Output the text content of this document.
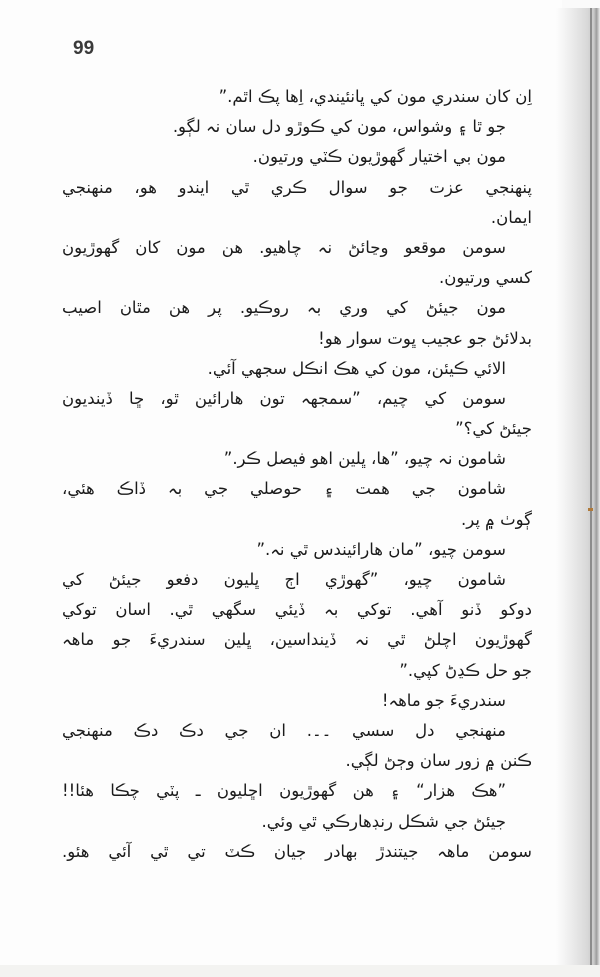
99
اِن کان سندري مون کي ڀانئيندي، اِها پڪ اٿم.”
جو ٿا ۽ وشواس، مون کي ڪوڙو دل سان نہ لڳو.
مون بي اختيار گهوڙيون ڪٽي ورتيون.
پنهنجي عزت جو سوال ڪري ٿي ايندو هو، منهنجي
ايمان.
سومن موقعو وڃائڻ نہ چاهيو. هن مون کان گهوڙيون
کسي ورتيون.
مون جيئڻ کي وري بہ روڪيو. پر هن مٿان اصيب
بدلائڻ جو عجيب ڀوت سوار هو!
الائي ڪيئن، مون کي هڪ انڪل سجهي آئي.
سومن کي چيم، ”سمجهہ تون هارائين ٿو، ڇا ڏينديون
جيئڻ کي؟”
شامون نہ چيو، ”ها، ڀلين اهو فيصل ڪر.”
شامون جي همت ۽ حوصلي جي بہ ڏاڪ هئي،
ڳوٺ ۾ پر.
سومن چيو، ”مان هارائيندس ٿي نہ.”
شامون چيو، ”گهوڙي اڄ ڀليون دفعو جيئڻ کي
دوکو ڏنو آهي. توکي بہ ڏيئي سگهي ٿي. اسان توکي
گهوڙيون اچلڻ ٿي نہ ڏينداسين، ڀلين سندريءَ جو ماهہ
جو حل ڪڍڻ کپي.”
سندريءَ جو ماهہ!
منهنجي دل سسي ۔۔. ان جي دڪ دڪ منهنجي
ڪنن ۾ زور سان وڄڻ لڳي.
”هڪ هزار“ ۽ هن گهوڙيون اڇليون ـ پٽي چڪا هئا!!
جيئڻ جي شڪل رنڊهارڪي ٿي وئي.
سومن ماهہ جيتندڙ بهادر جيان ڪٽ تي ٿي آئي هئو.
